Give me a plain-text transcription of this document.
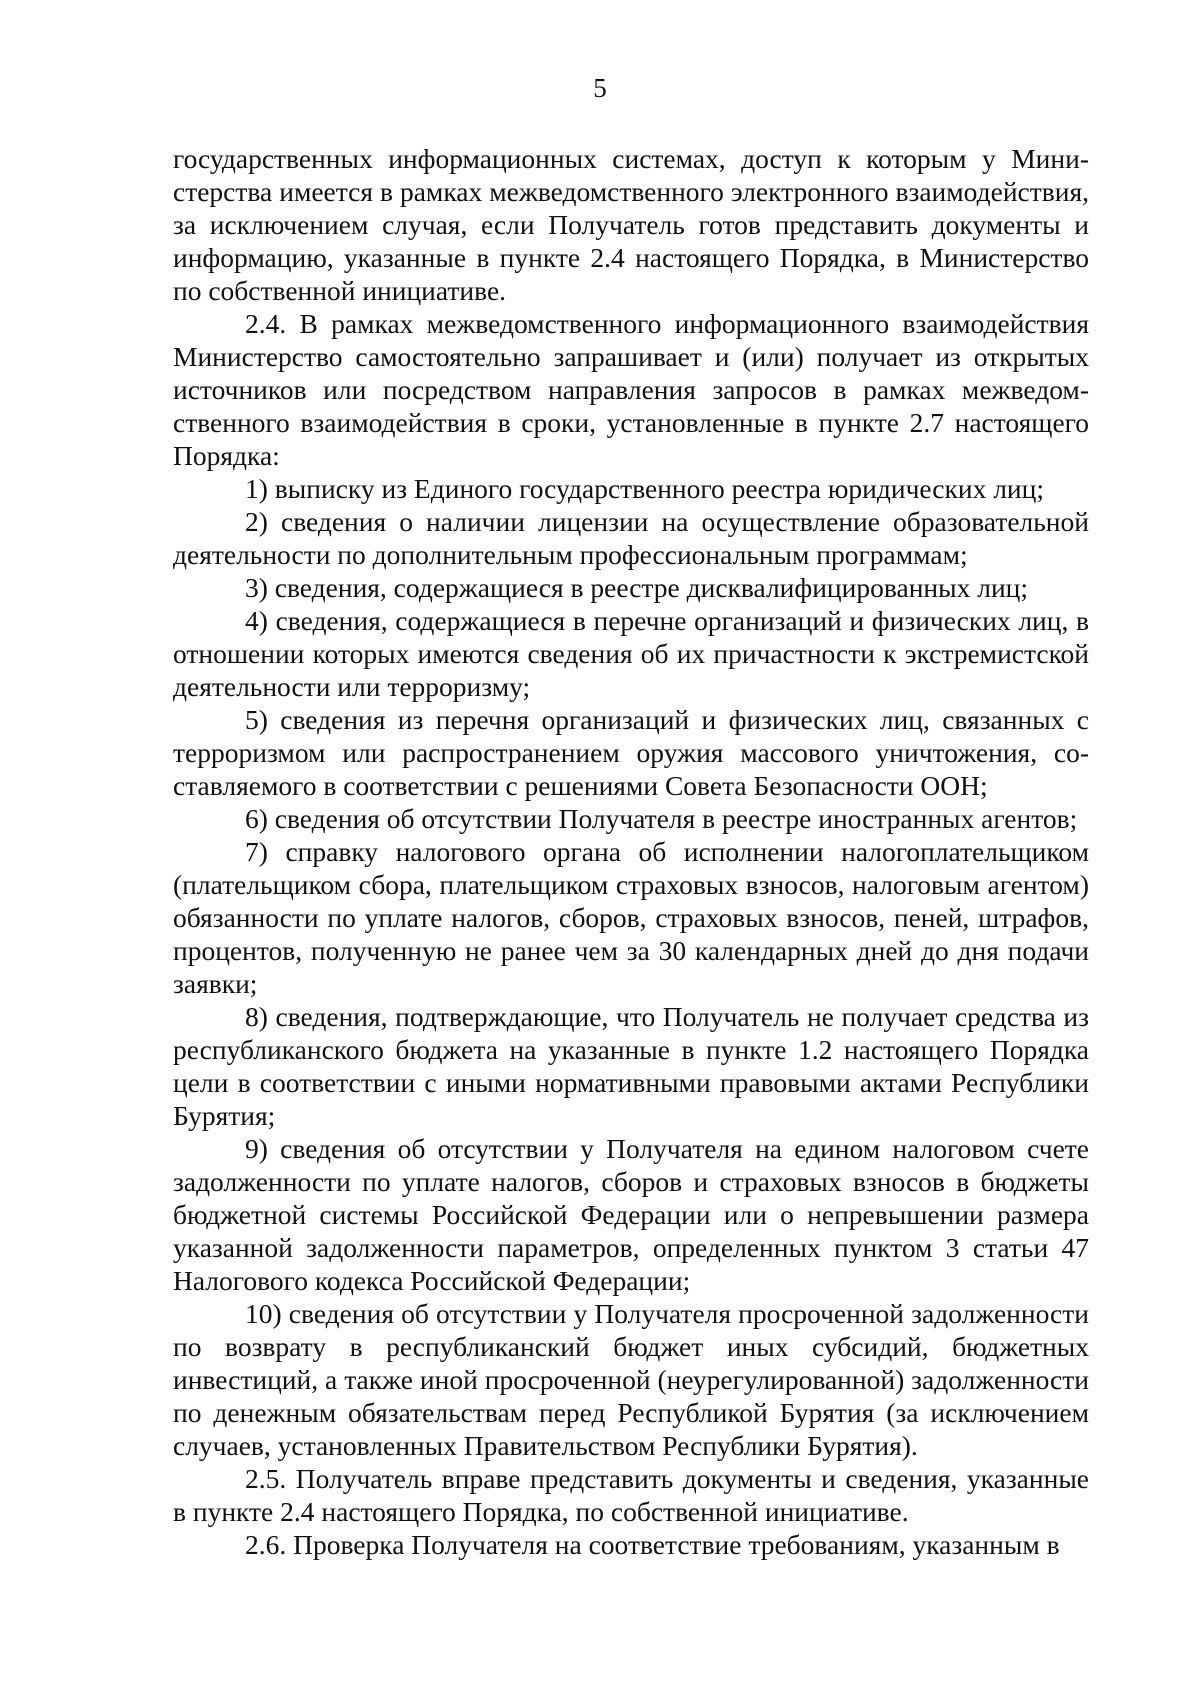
5

государственных информационных системах, доступ к которым у Министерства имеется в рамках межведомственного электронного взаимодействия, за исключением случая, если Получатель готов представить документы и информацию, указанные в пункте 2.4 настоящего Порядка, в Министерство по собственной инициативе.

2.4. В рамках межведомственного информационного взаимодействия Министерство самостоятельно запрашивает и (или) получает из открытых источников или посредством направления запросов в рамках межведомственного взаимодействия в сроки, установленные в пункте 2.7 настоящего Порядка:

1) выписку из Единого государственного реестра юридических лиц;

2) сведения о наличии лицензии на осуществление образовательной деятельности по дополнительным профессиональным программам;

3) сведения, содержащиеся в реестре дисквалифицированных лиц;

4) сведения, содержащиеся в перечне организаций и физических лиц, в отношении которых имеются сведения об их причастности к экстремистской деятельности или терроризму;

5) сведения из перечня организаций и физических лиц, связанных с терроризмом или распространением оружия массового уничтожения, составляемого в соответствии с решениями Совета Безопасности ООН;

6) сведения об отсутствии Получателя в реестре иностранных агентов;

7) справку налогового органа об исполнении налогоплательщиком (плательщиком сбора, плательщиком страховых взносов, налоговым агентом) обязанности по уплате налогов, сборов, страховых взносов, пеней, штрафов, процентов, полученную не ранее чем за 30 календарных дней до дня подачи заявки;

8) сведения, подтверждающие, что Получатель не получает средства из республиканского бюджета на указанные в пункте 1.2 настоящего Порядка цели в соответствии с иными нормативными правовыми актами Республики Бурятия;

9) сведения об отсутствии у Получателя на едином налоговом счете задолженности по уплате налогов, сборов и страховых взносов в бюджеты бюджетной системы Российской Федерации или о непревышении размера указанной задолженности параметров, определенных пунктом 3 статьи 47 Налогового кодекса Российской Федерации;

10) сведения об отсутствии у Получателя просроченной задолженности по возврату в республиканский бюджет иных субсидий, бюджетных инвестиций, а также иной просроченной (неурегулированной) задолженности по денежным обязательствам перед Республикой Бурятия (за исключением случаев, установленных Правительством Республики Бурятия).

2.5. Получатель вправе представить документы и сведения, указанные в пункте 2.4 настоящего Порядка, по собственной инициативе.

2.6. Проверка Получателя на соответствие требованиям, указанным в
